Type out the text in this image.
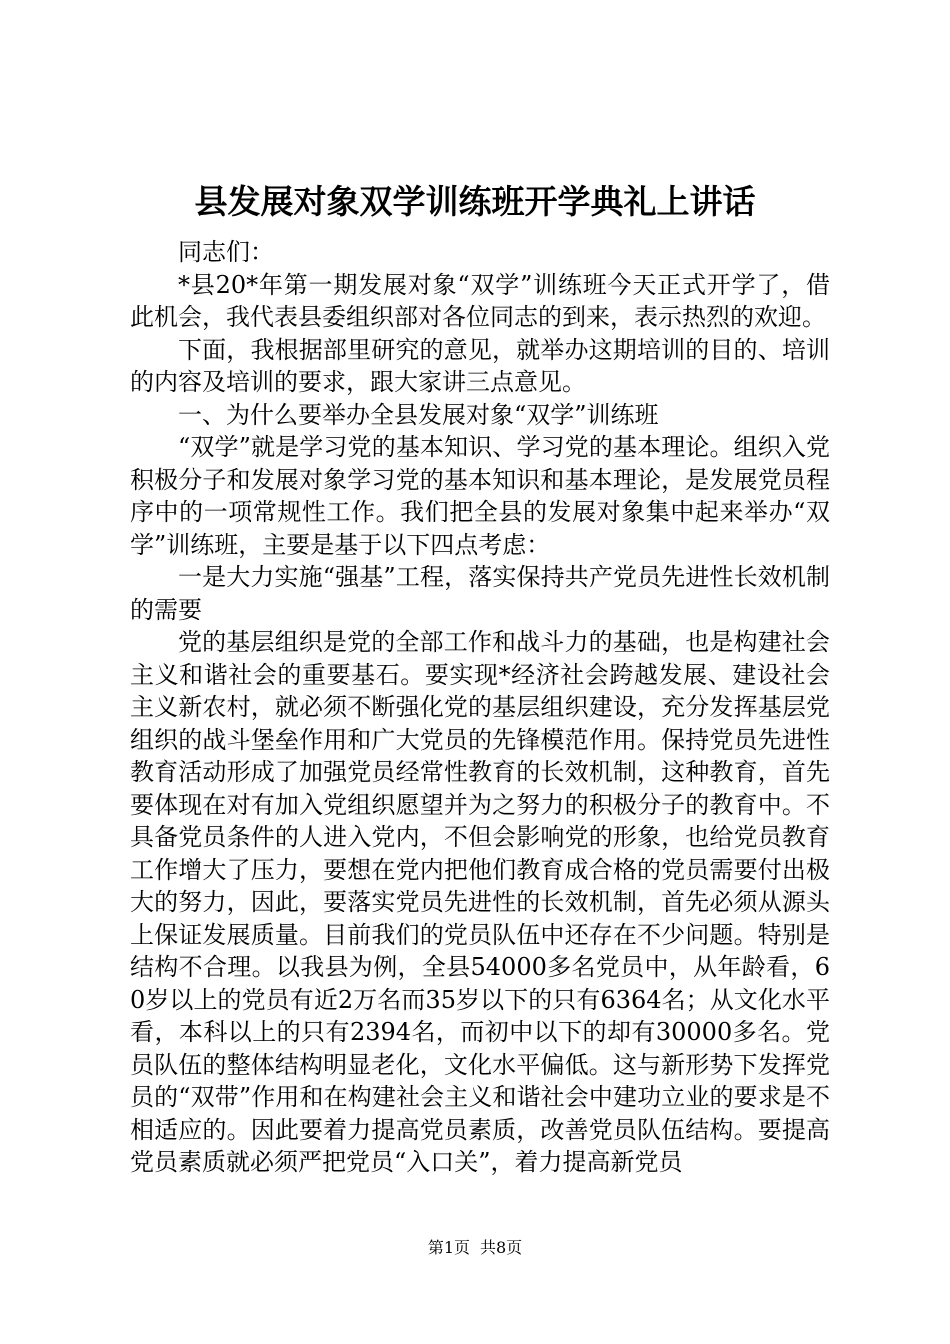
县发展对象双学训练班开学典礼上讲话

同志们：

*县20*年第一期发展对象“双学”训练班今天正式开学了，借此机会，我代表县委组织部对各位同志的到来，表示热烈的欢迎。

下面，我根据部里研究的意见，就举办这期培训的目的、培训的内容及培训的要求，跟大家讲三点意见。

一、为什么要举办全县发展对象“双学”训练班

“双学”就是学习党的基本知识、学习党的基本理论。组织入党积极分子和发展对象学习党的基本知识和基本理论，是发展党员程序中的一项常规性工作。我们把全县的发展对象集中起来举办“双学”训练班，主要是基于以下四点考虑：

一是大力实施“强基”工程，落实保持共产党员先进性长效机制的需要

党的基层组织是党的全部工作和战斗力的基础，也是构建社会主义和谐社会的重要基石。要实现*经济社会跨越发展、建设社会主义新农村，就必须不断强化党的基层组织建设，充分发挥基层党组织的战斗堡垒作用和广大党员的先锋模范作用。保持党员先进性教育活动形成了加强党员经常性教育的长效机制，这种教育，首先要体现在对有加入党组织愿望并为之努力的积极分子的教育中。不具备党员条件的人进入党内，不但会影响党的形象，也给党员教育工作增大了压力，要想在党内把他们教育成合格的党员需要付出极大的努力，因此，要落实党员先进性的长效机制，首先必须从源头上保证发展质量。目前我们的党员队伍中还存在不少问题。特别是结构不合理。以我县为例，全县54000多名党员中，从年龄看，60岁以上的党员有近2万名而35岁以下的只有6364名；从文化水平看，本科以上的只有2394名，而初中以下的却有30000多名。党员队伍的整体结构明显老化，文化水平偏低。这与新形势下发挥党员的“双带”作用和在构建社会主义和谐社会中建功立业的要求是不相适应的。因此要着力提高党员素质，改善党员队伍结构。要提高党员素质就必须严把党员“入口关”，着力提高新党员

第1页 共8页
